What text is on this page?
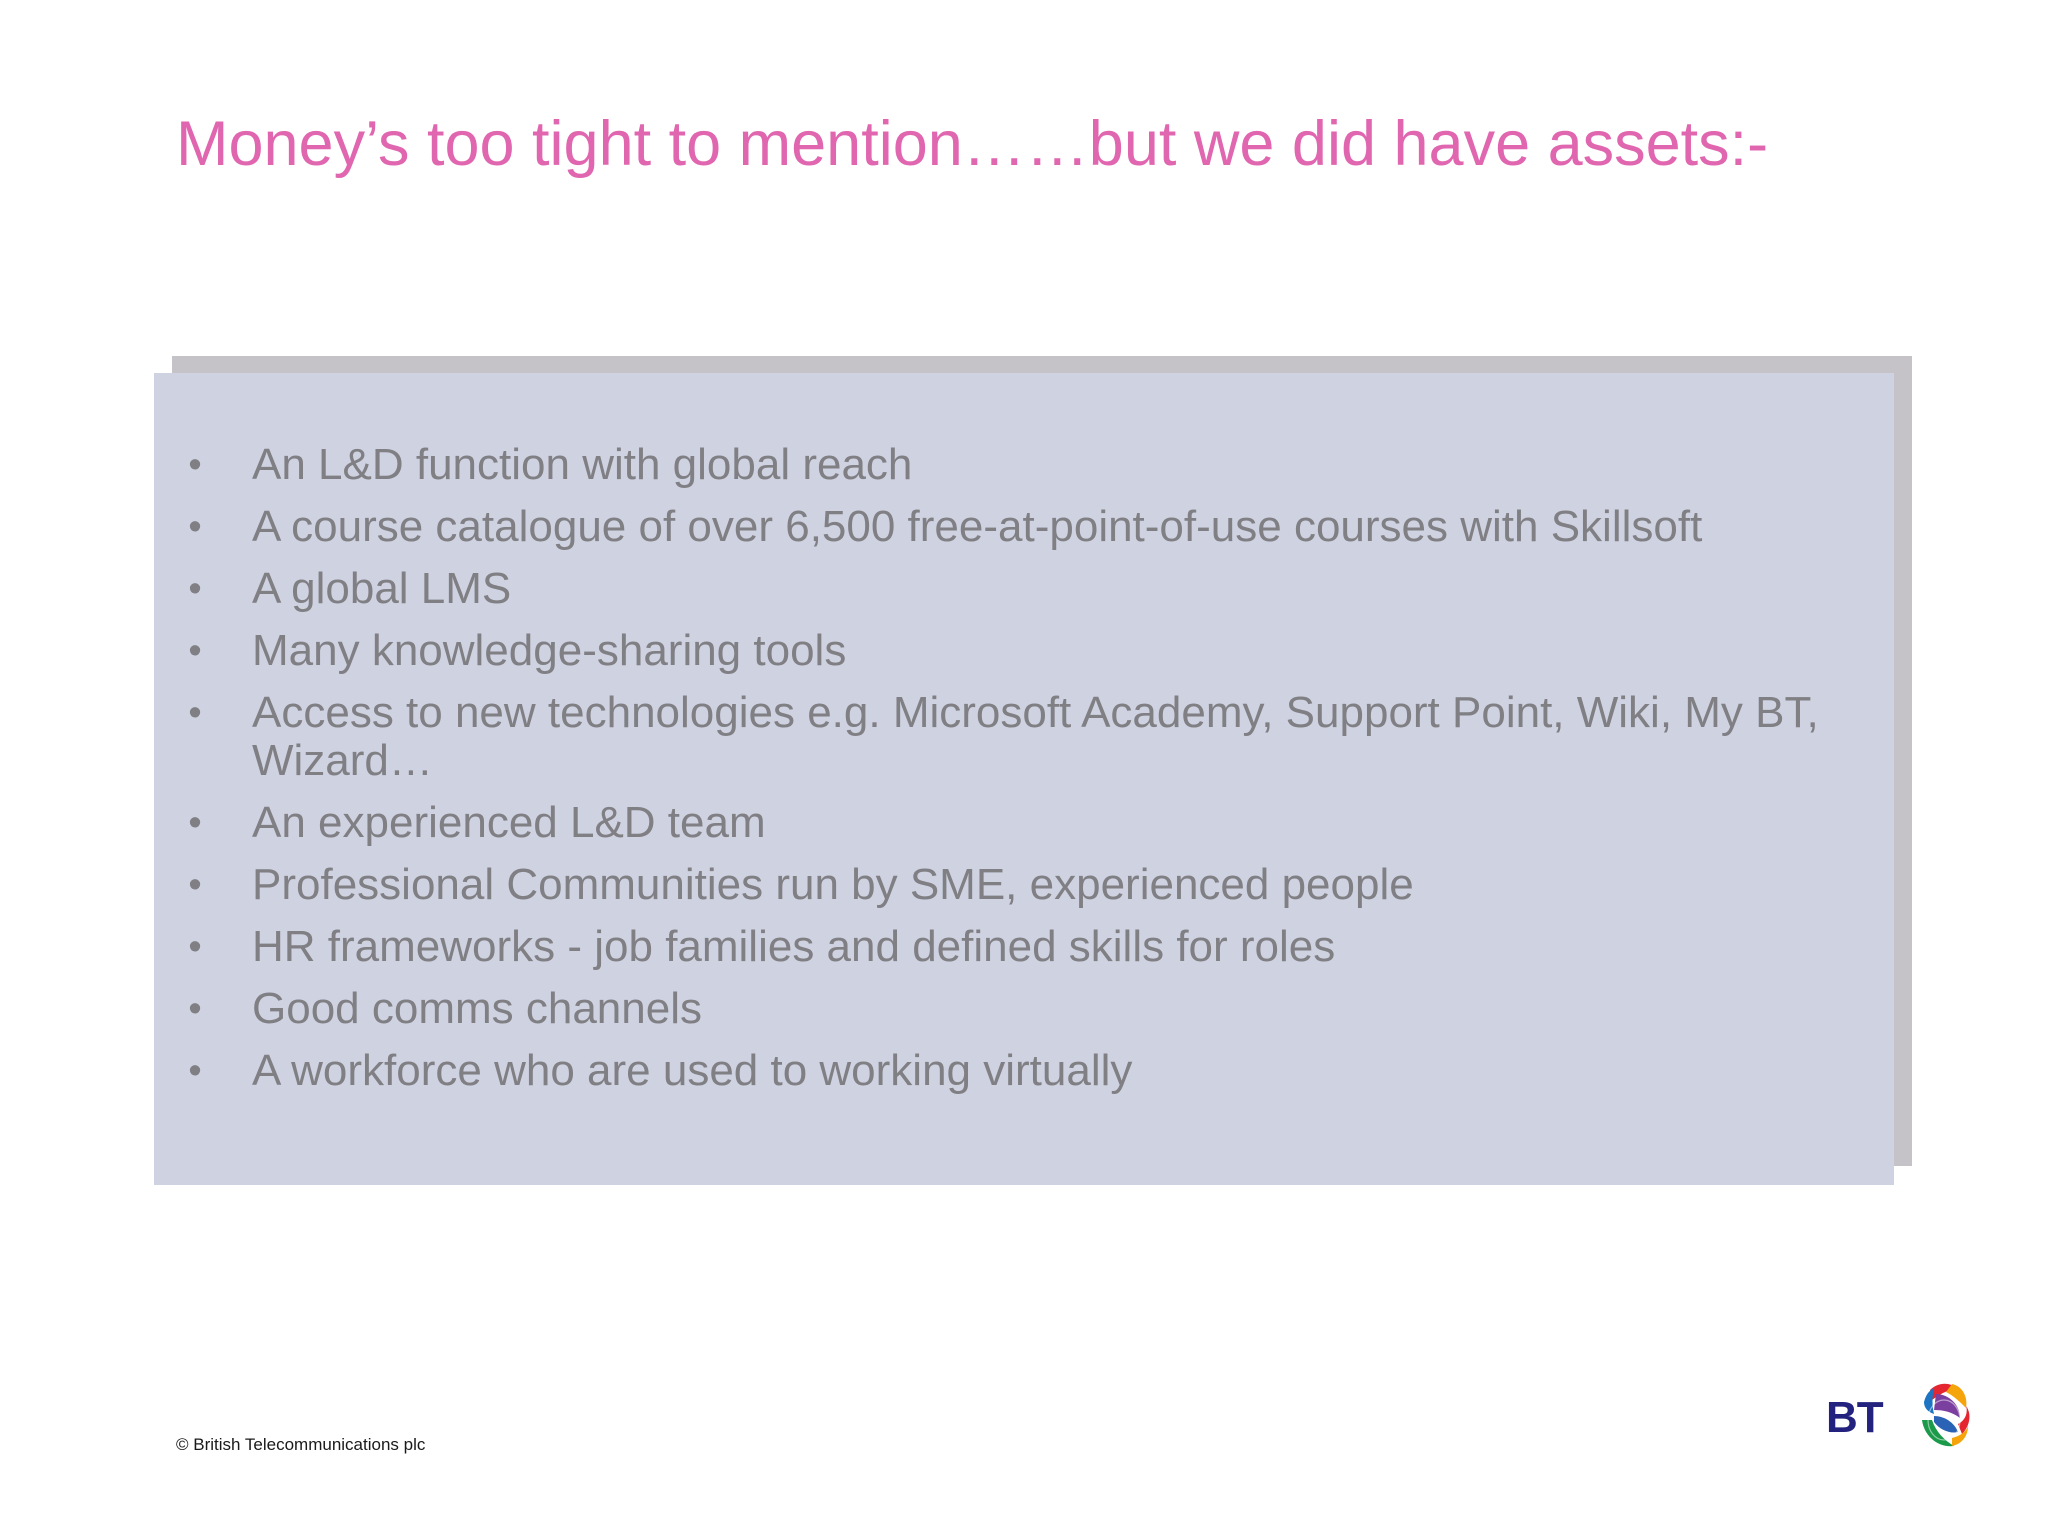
Money’s too tight to mention……but we did have assets:-
• An L&D function with global reach
• A course catalogue of over 6,500 free-at-point-of-use courses with Skillsoft
• A global LMS
• Many knowledge-sharing tools
• Access to new technologies e.g. Microsoft Academy, Support Point, Wiki, My BT, Wizard…
• An experienced L&D team
• Professional Communities run by SME, experienced people
• HR frameworks - job families and defined skills for roles
• Good comms channels
• A workforce who are used to working virtually
© British Telecommunications plc
BT
